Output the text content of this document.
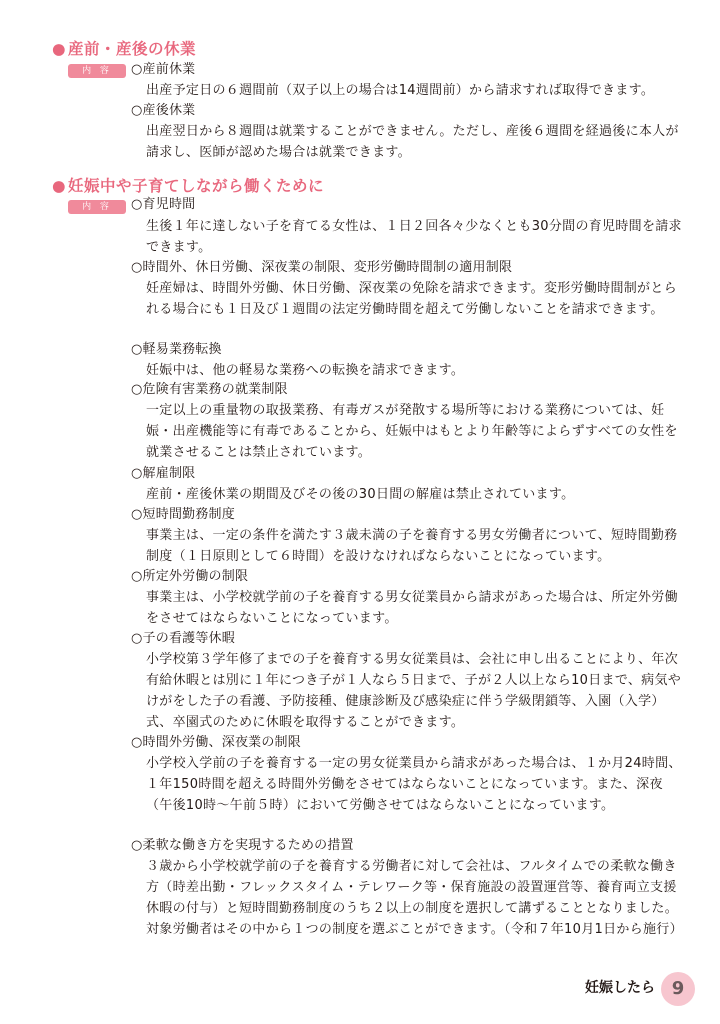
● 産前・産後の休業
内 容	○産前休業
出産予定日の６週間前（双子以上の場合は14週間前）から請求すれば取得できます。
○産後休業
出産翌日から８週間は就業することができません。ただし、産後６週間を経過後に本人が請求し、医師が認めた場合は就業できます。
● 妊娠中や子育てしながら働くために
内 容	○育児時間
生後１年に達しない子を育てる女性は、１日２回各々少なくとも30分間の育児時間を請求できます。
○時間外、休日労働、深夜業の制限、変形労働時間制の適用制限
妊産婦は、時間外労働、休日労働、深夜業の免除を請求できます。変形労働時間制がとられる場合にも１日及び１週間の法定労働時間を超えて労働しないことを請求できます。
○軽易業務転換
妊娠中は、他の軽易な業務への転換を請求できます。
○危険有害業務の就業制限
一定以上の重量物の取扱業務、有毒ガスが発散する場所等における業務については、妊娠・出産機能等に有毒であることから、妊娠中はもとより年齢等によらずすべての女性を就業させることは禁止されています。
○解雇制限
産前・産後休業の期間及びその後の30日間の解雇は禁止されています。
○短時間勤務制度
事業主は、一定の条件を満たす３歳未満の子を養育する男女労働者について、短時間勤務制度（１日原則として６時間）を設けなければならないことになっています。
○所定外労働の制限
事業主は、小学校就学前の子を養育する男女従業員から請求があった場合は、所定外労働をさせてはならないことになっています。
○子の看護等休暇
小学校第３学年修了までの子を養育する男女従業員は、会社に申し出ることにより、年次有給休暇とは別に１年につき子が１人なら５日まで、子が２人以上なら10日まで、病気やけがをした子の看護、予防接種、健康診断及び感染症に伴う学級閉鎖等、入園（入学）式、卒園式のために休暇を取得することができます。
○時間外労働、深夜業の制限
小学校入学前の子を養育する一定の男女従業員から請求があった場合は、１か月24時間、１年150時間を超える時間外労働をさせてはならないことになっています。また、深夜（午後10時〜午前５時）において労働させてはならないことになっています。
○柔軟な働き方を実現するための措置
３歳から小学校就学前の子を養育する労働者に対して会社は、フルタイムでの柔軟な働き方（時差出勤・フレックスタイム・テレワーク等・保育施設の設置運営等、養育両立支援休暇の付与）と短時間勤務制度のうち２以上の制度を選択して講ずることとなりました。対象労働者はその中から１つの制度を選ぶことができます。（令和７年10月1日から施行）
妊娠したら 9
